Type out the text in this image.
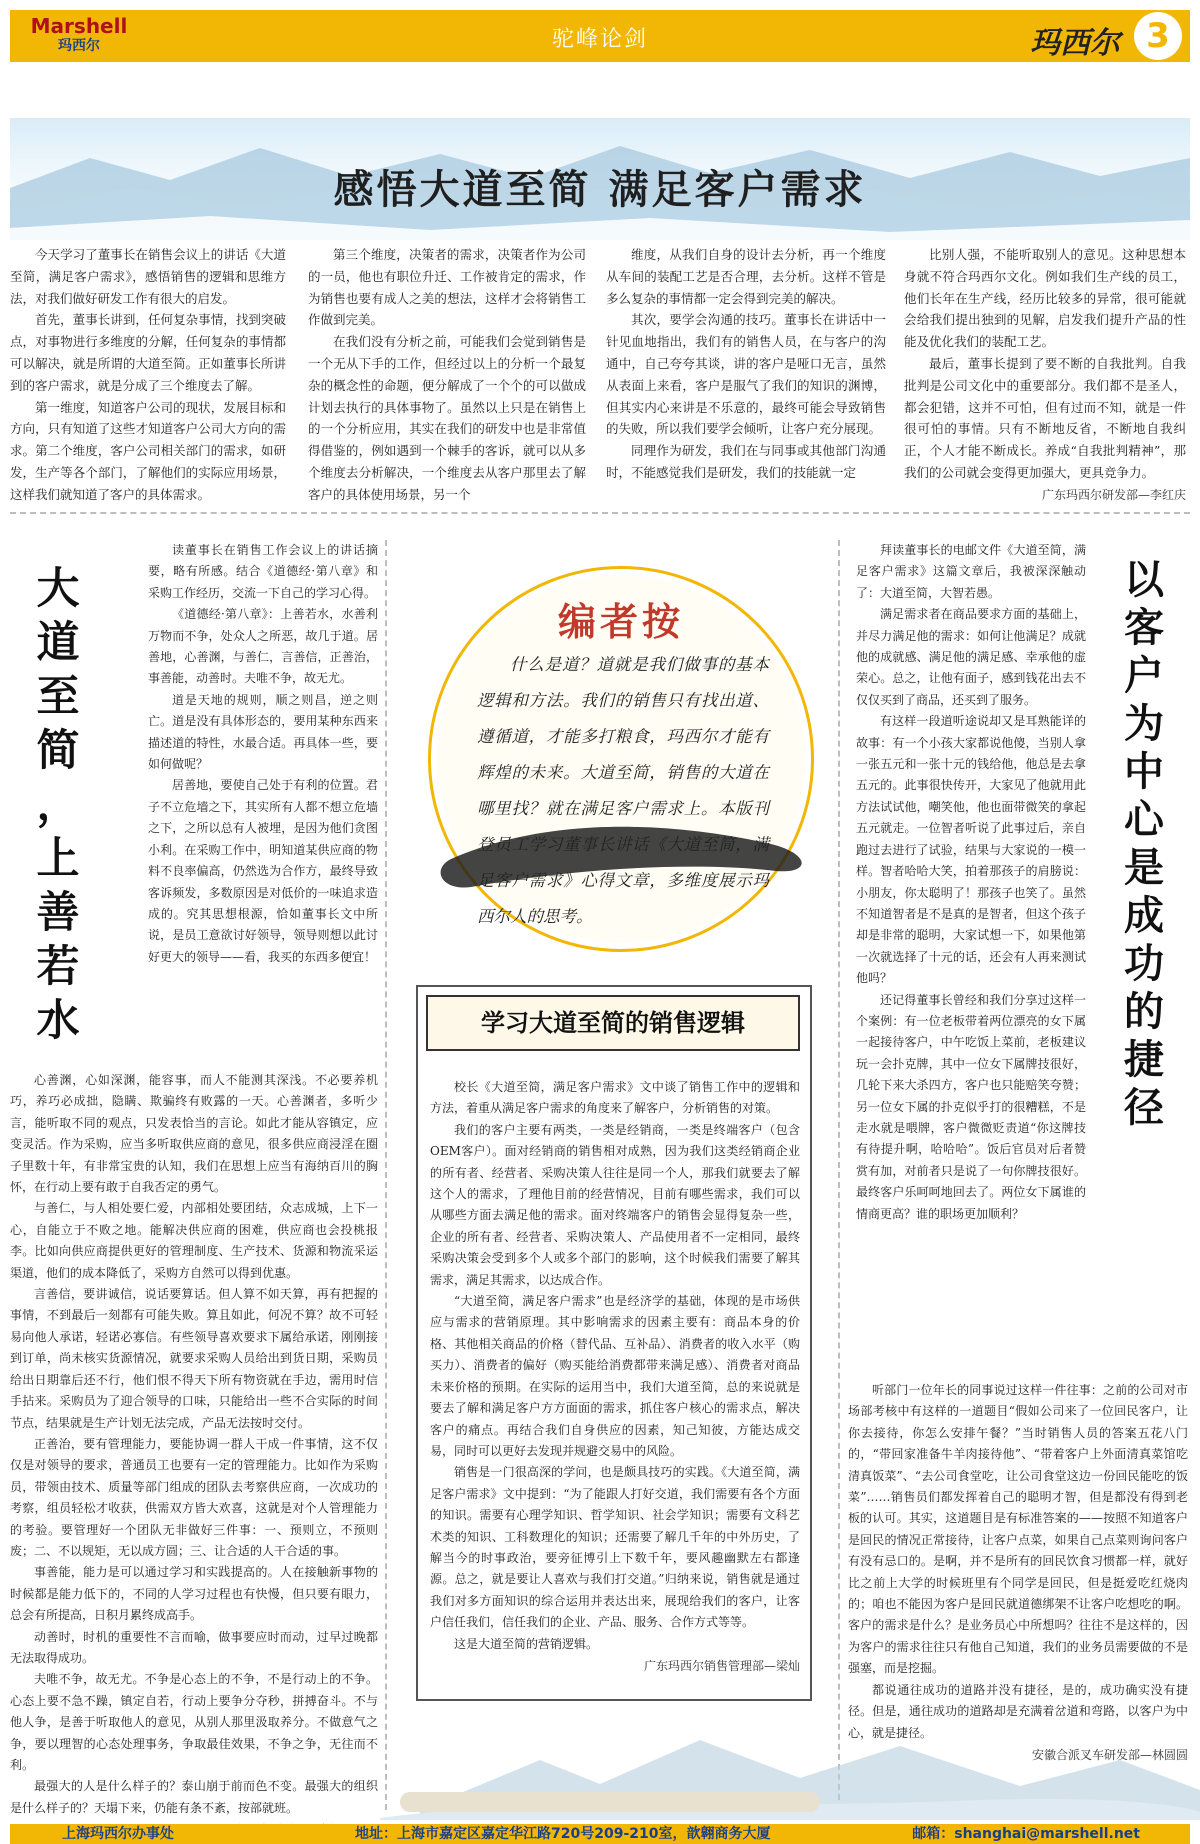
Marshell
玛西尔	驼峰论剑	玛西尔 3
感悟大道至简 满足客户需求

今天学习了董事长在销售会议上的讲话《大道至简，满足客户需求》，感悟销售的逻辑和思维方法，对我们做好研发工作有很大的启发。

首先，董事长讲到，任何复杂事情，找到突破点，对事物进行多维度的分解，任何复杂的事情都可以解决，就是所谓的大道至简。正如董事长所讲到的客户需求，就是分成了三个维度去了解。

第一维度，知道客户公司的现状，发展目标和方向，只有知道了这些才知道客户公司大方向的需求。第二个维度，客户公司相关部门的需求，如研发，生产等各个部门，了解他们的实际应用场景，这样我们就知道了客户的具体需求。

第三个维度，决策者的需求，决策者作为公司的一员，他也有职位升迁、工作被肯定的需求，作为销售也要有成人之美的想法，这样才会将销售工作做到完美。

在我们没有分析之前，可能我们会觉到销售是一个无从下手的工作，但经过以上的分析一个最复杂的概念性的命题，便分解成了一个个的可以做成计划去执行的具体事物了。虽然以上只是在销售上的一个分析应用，其实在我们的研发中也是非常值得借鉴的，例如遇到一个棘手的客诉，就可以从多个维度去分析解决，一个维度去从客户那里去了解客户的具体使用场景，另一个

维度，从我们自身的设计去分析，再一个维度从车间的装配工艺是否合理，去分析。这样不管是多么复杂的事情都一定会得到完美的解决。

其次，要学会沟通的技巧。董事长在讲话中一针见血地指出，我们有的销售人员，在与客户的沟通中，自己夸夸其谈，讲的客户是哑口无言，虽然从表面上来看，客户是服气了我们的知识的渊博，但其实内心来讲是不乐意的，最终可能会导致销售的失败，所以我们要学会倾听，让客户充分展现。

同理作为研发，我们在与同事或其他部门沟通时，不能感觉我们是研发，我们的技能就一定

比别人强，不能听取别人的意见。这种思想本身就不符合玛西尔文化。例如我们生产线的员工，他们长年在生产线，经历比较多的异常，很可能就会给我们提出独到的见解，启发我们提升产品的性能及优化我们的装配工艺。

最后，董事长提到了要不断的自我批判。自我批判是公司文化中的重要部分。我们都不是圣人，都会犯错，这并不可怕，但有过而不知，就是一件很可怕的事情。只有不断地反省，不断地自我纠正，个人才能不断成长。养成“自我批判精神”，那我们的公司就会变得更加强大，更具竞争力。

广东玛西尔研发部—李红庆
大
道
至
简
，
上
善
若
水

读董事长在销售工作会议上的讲话摘要，略有所感。结合《道德经·第八章》和采购工作经历，交流一下自己的学习心得。

《道德经·第八章》：上善若水，水善利万物而不争，处众人之所恶，故几于道。居善地，心善渊，与善仁，言善信，正善治，事善能，动善时。夫唯不争，故无尤。

道是天地的规则，顺之则昌，逆之则亡。道是没有具体形态的，要用某种东西来描述道的特性，水最合适。再具体一些，要如何做呢？

居善地，要使自己处于有利的位置。君子不立危墙之下，其实所有人都不想立危墙之下，之所以总有人被埋，是因为他们贪图小利。在采购工作中，明知道某供应商的物料不良率偏高，仍然选为合作方，最终导致客诉频发，多数原因是对低价的一味追求造成的。究其思想根源，恰如董事长文中所说，是员工意欲讨好领导，领导则想以此讨好更大的领导——看，我买的东西多便宜！

心善渊，心如深渊，能容事，而人不能测其深浅。不必要养机巧，养巧必成拙，隐瞒、欺骗终有败露的一天。心善渊者，多听少言，能听取不同的观点，只发表恰当的言论。如此才能从容镇定，应变灵活。作为采购，应当多听取供应商的意见，很多供应商浸淫在圈子里数十年，有非常宝贵的认知，我们在思想上应当有海纳百川的胸怀，在行动上要有敢于自我否定的勇气。

与善仁，与人相处要仁爱，内部相处要团结，众志成城，上下一心，自能立于不败之地。能解决供应商的困难，供应商也会投桃报李。比如向供应商提供更好的管理制度、生产技术、货源和物流采运渠道，他们的成本降低了，采购方自然可以得到优惠。

言善信，要讲诚信，说话要算话。但人算不如天算，再有把握的事情，不到最后一刻都有可能失败。算且如此，何况不算？故不可轻易向他人承诺，轻诺必寡信。有些领导喜欢要求下属给承诺，刚刚接到订单，尚未核实货源情况，就要求采购人员给出到货日期，采购员给出日期靠后还不行，他们恨不得天下所有物资就在手边，需用时信手拈来。采购员为了迎合领导的口味，只能给出一些不合实际的时间节点，结果就是生产计划无法完成，产品无法按时交付。

正善治，要有管理能力，要能协调一群人干成一件事情，这不仅仅是对领导的要求，普通员工也要有一定的管理能力。比如作为采购员，带领由技术、质量等部门组成的团队去考察供应商，一次成功的考察，组员轻松才收获，供需双方皆大欢喜，这就是对个人管理能力的考验。要管理好一个团队无非做好三件事：一、预则立，不预则废；二、不以规矩，无以成方圆；三、让合适的人干合适的事。

事善能，能力是可以通过学习和实践提高的。人在接触新事物的时候都是能力低下的，不同的人学习过程也有快慢，但只要有眼力，总会有所提高，日积月累终成高手。

动善时，时机的重要性不言而喻，做事要应时而动，过早过晚都无法取得成功。

夫唯不争，故无尤。不争是心态上的不争，不是行动上的不争。心态上要不急不躁，镇定自若，行动上要争分夺秒，拼搏奋斗。不与他人争，是善于听取他人的意见，从别人那里汲取养分。不做意气之争，要以理智的心态处理事务，争取最佳效果，不争之争，无往而不利。

最强大的人是什么样子的？泰山崩于前而色不变。最强大的组织是什么样子的？天塌下来，仍能有条不紊，按部就班。

编者按
什么是道？道就是我们做事的基本逻辑和方法。我们的销售只有找出道、遵循道，才能多打粮食，玛西尔才能有辉煌的未来。大道至简，销售的大道在哪里找？就在满足客户需求上。本版刊登员工学习董事长讲话《大道至简，满足客户需求》心得文章，多维度展示玛西尔人的思考。
学习大道至简的销售逻辑

校长《大道至简，满足客户需求》文中谈了销售工作中的逻辑和方法，着重从满足客户需求的角度来了解客户，分析销售的对策。

我们的客户主要有两类，一类是经销商，一类是终端客户（包含OEM客户）。面对经销商的销售相对成熟，因为我们这类经销商企业的所有者、经营者、采购决策人往往是同一个人，那我们就要去了解这个人的需求，了理他目前的经营情况，目前有哪些需求，我们可以从哪些方面去满足他的需求。面对终端客户的销售会显得复杂一些，企业的所有者、经营者、采购决策人、产品使用者不一定相同，最终采购决策会受到多个人或多个部门的影响，这个时候我们需要了解其需求，满足其需求，以达成合作。

“大道至简，满足客户需求”也是经济学的基础，体现的是市场供应与需求的营销原理。其中影响需求的因素主要有：商品本身的价格、其他相关商品的价格（替代品、互补品）、消费者的收入水平（购买力）、消费者的偏好（购买能给消费都带来满足感）、消费者对商品未来价格的预期。在实际的运用当中，我们大道至简，总的来说就是要去了解和满足客户方方面面的需求，抓住客户核心的需求点，解决客户的痛点。再结合我们自身供应的因素，知己知彼，方能达成交易，同时可以更好去发现并规避交易中的风险。

销售是一门很高深的学问，也是颇具技巧的实践。《大道至简，满足客户需求》文中提到：“为了能跟人打好交道，我们需要有各个方面的知识。需要有心理学知识、哲学知识、社会学知识；需要有文科艺术类的知识、工科数理化的知识；还需要了解几千年的中外历史，了解当今的时事政治，要旁征博引上下数千年，要风趣幽默左右都逢源。总之，就是要让人喜欢与我们打交道。”归纳来说，销售就是通过我们对多方面知识的综合运用并表达出来，展现给我们的客户，让客户信任我们，信任我们的企业、产品、服务、合作方式等等。

这是大道至简的营销逻辑。

广东玛西尔销售管理部—梁灿

拜读董事长的电邮文件《大道至简，满足客户需求》这篇文章后，我被深深触动了：大道至简，大智若愚。

满足需求者在商品要求方面的基础上，并尽力满足他的需求：如何让他满足？成就他的成就感、满足他的满足感、幸承他的虚荣心。总之，让他有面子，感到钱花出去不仅仅买到了商品，还买到了服务。

有这样一段道听途说却又是耳熟能详的故事：有一个小孩大家都说他傻，当别人拿一张五元和一张十元的钱给他，他总是去拿五元的。此事很快传开，大家见了他就用此方法试试他，嘲笑他，他也面带微笑的拿起五元就走。一位智者听说了此事过后，亲自跑过去进行了试验，结果与大家说的一模一样。智者哈哈大笑，拍着那孩子的肩膀说：小朋友，你太聪明了！那孩子也笑了。虽然不知道智者是不是真的是智者，但这个孩子却是非常的聪明，大家试想一下，如果他第一次就选择了十元的话，还会有人再来测试他吗？

还记得董事长曾经和我们分享过这样一个案例：有一位老板带着两位漂亮的女下属一起接待客户，中午吃饭上菜前，老板建议玩一会扑克牌，其中一位女下属牌技很好，几轮下来大杀四方，客户也只能赔笑夸赞；另一位女下属的扑克似乎打的很糟糕，不是走水就是喂牌，客户微微贬责道“你这牌技有待提升啊，哈哈哈”。饭后官员对后者赞赏有加，对前者只是说了一句你牌技很好。最终客户乐呵呵地回去了。两位女下属谁的情商更高？谁的职场更加顺利？

以
客
户
为
中
心
是
成
功
的
捷
径

听部门一位年长的同事说过这样一件往事：之前的公司对市场部考核中有这样的一道题目“假如公司来了一位回民客户，让你去接待，你怎么安排午餐？”当时销售人员的答案五花八门的，“带回家准备牛羊肉接待他”、“带着客户上外面清真菜馆吃清真饭菜”、“去公司食堂吃，让公司食堂这边一份回民能吃的饭菜”……销售员们都发挥着自己的聪明才智，但是都没有得到老板的认可。其实，这道题目是有标准答案的——按照不知道客户是回民的情况正常接待，让客户点菜，如果自己点菜则询问客户有没有忌口的。是啊，并不是所有的回民饮食习惯都一样，就好比之前上大学的时候班里有个同学是回民，但是挺爱吃红烧肉的；咱也不能因为客户是回民就道德绑架不让客户吃想吃的啊。客户的需求是什么？是业务员心中所想吗？往往不是这样的，因为客户的需求往往只有他自己知道，我们的业务员需要做的不是强塞，而是挖掘。

都说通往成功的道路并没有捷径，是的，成功确实没有捷径。但是，通往成功的道路却是充满着岔道和弯路，以客户为中心，就是捷径。

安徽合派叉车研发部—林圆圆
上海玛西尔办事处	地址：上海市嘉定区嘉定华江路720号209-210室，歆翱商务大厦	邮箱：shanghai@marshell.net
